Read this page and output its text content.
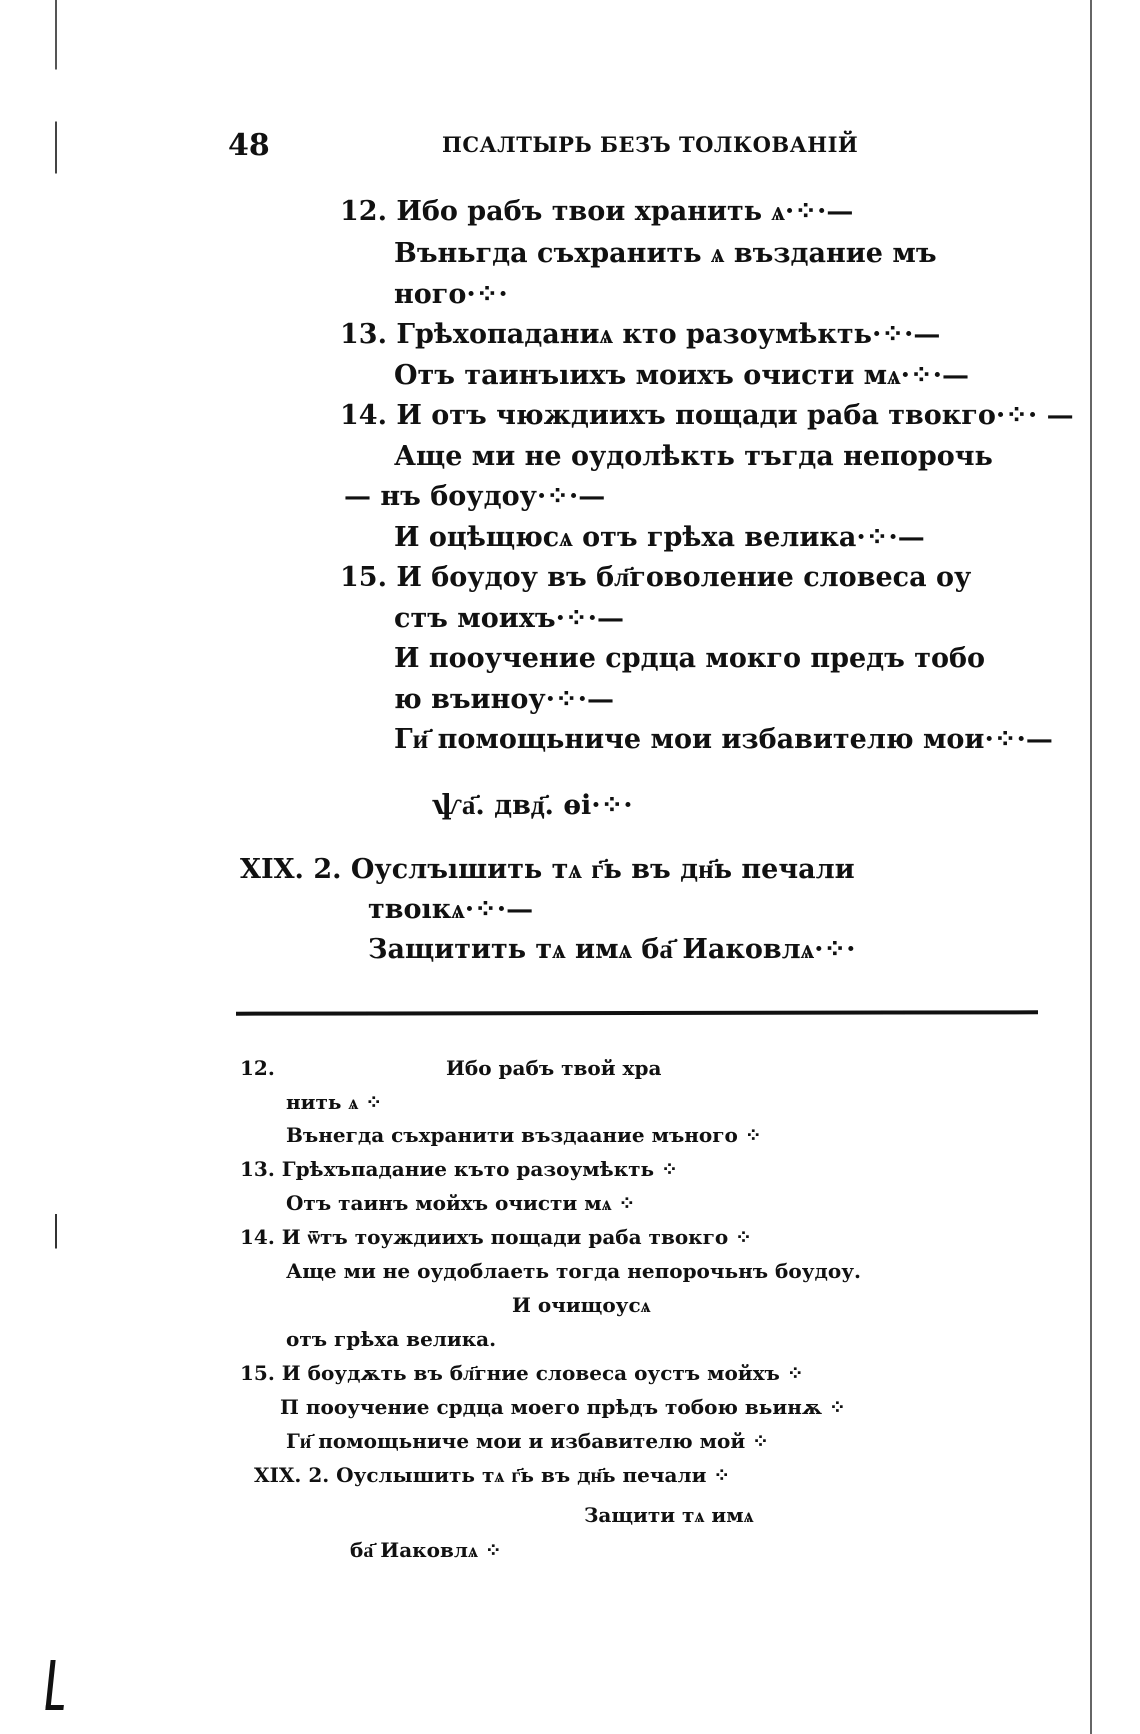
48	ПСАЛТЫРЬ БЕЗЪ ТОЛКОВАНІЙ
12. Ибо рабъ твои хранить ѧ·⁘·—
Въньгда съхранить ѧ въздание мъ
ного·⁘·
13. Грѣхопаданиѧ кто разоумѣкть·⁘·—
Отъ таинъıихъ моихъ очисти мѧ·⁘·—
14. И отъ чюждиихъ пощади раба твокго·⁘· —
Аще ми не оудолѣкть тъгда непорочь
— нъ боудоу·⁘·—
И оцѣщюсѧ отъ грѣха велика·⁘·—
15. И боудоу въ бл҃говоление словеса оу
стъ моихъ·⁘·—
И пооучение срдца мокго предъ тобо
ю въиноу·⁘·—
Ги҃ помощьниче мои избавителю мои·⁘·—
ѱа҃. двд҃. ѳі·⁘·
XIX. 2. Оуслъıшить тѧ г҃ь въ дн҃ь печали
твоıкѧ·⁘·—
Защитить тѧ имѧ ба҃ Иаковлѧ·⁘·
12.	Ибо рабъ твой хра
нить ѧ ⁘
Вънегда съхранити въздаание мъного ⁘
13. Грѣхъпадание къто разоумѣкть ⁘
Отъ таинъ мойхъ очисти мѧ ⁘
14. И ѿтъ тоуждиихъ пощади раба твокго ⁘
Аще ми не оудоблаеть тогда непорочьнъ боудоу.
И очищоусѧ
отъ грѣха велика.
15. И боудѫть въ бл҃гние словеса оустъ мойхъ ⁘
П пооучение срдца моего прѣдъ тобою вьинѫ ⁘
Ги҃ помощьниче мои и избавителю мой ⁘
XIX. 2. Оуслышить тѧ г҃ь въ дн҃ь печали ⁘
Защити тѧ имѧ
ба҃ Иаковлѧ ⁘
